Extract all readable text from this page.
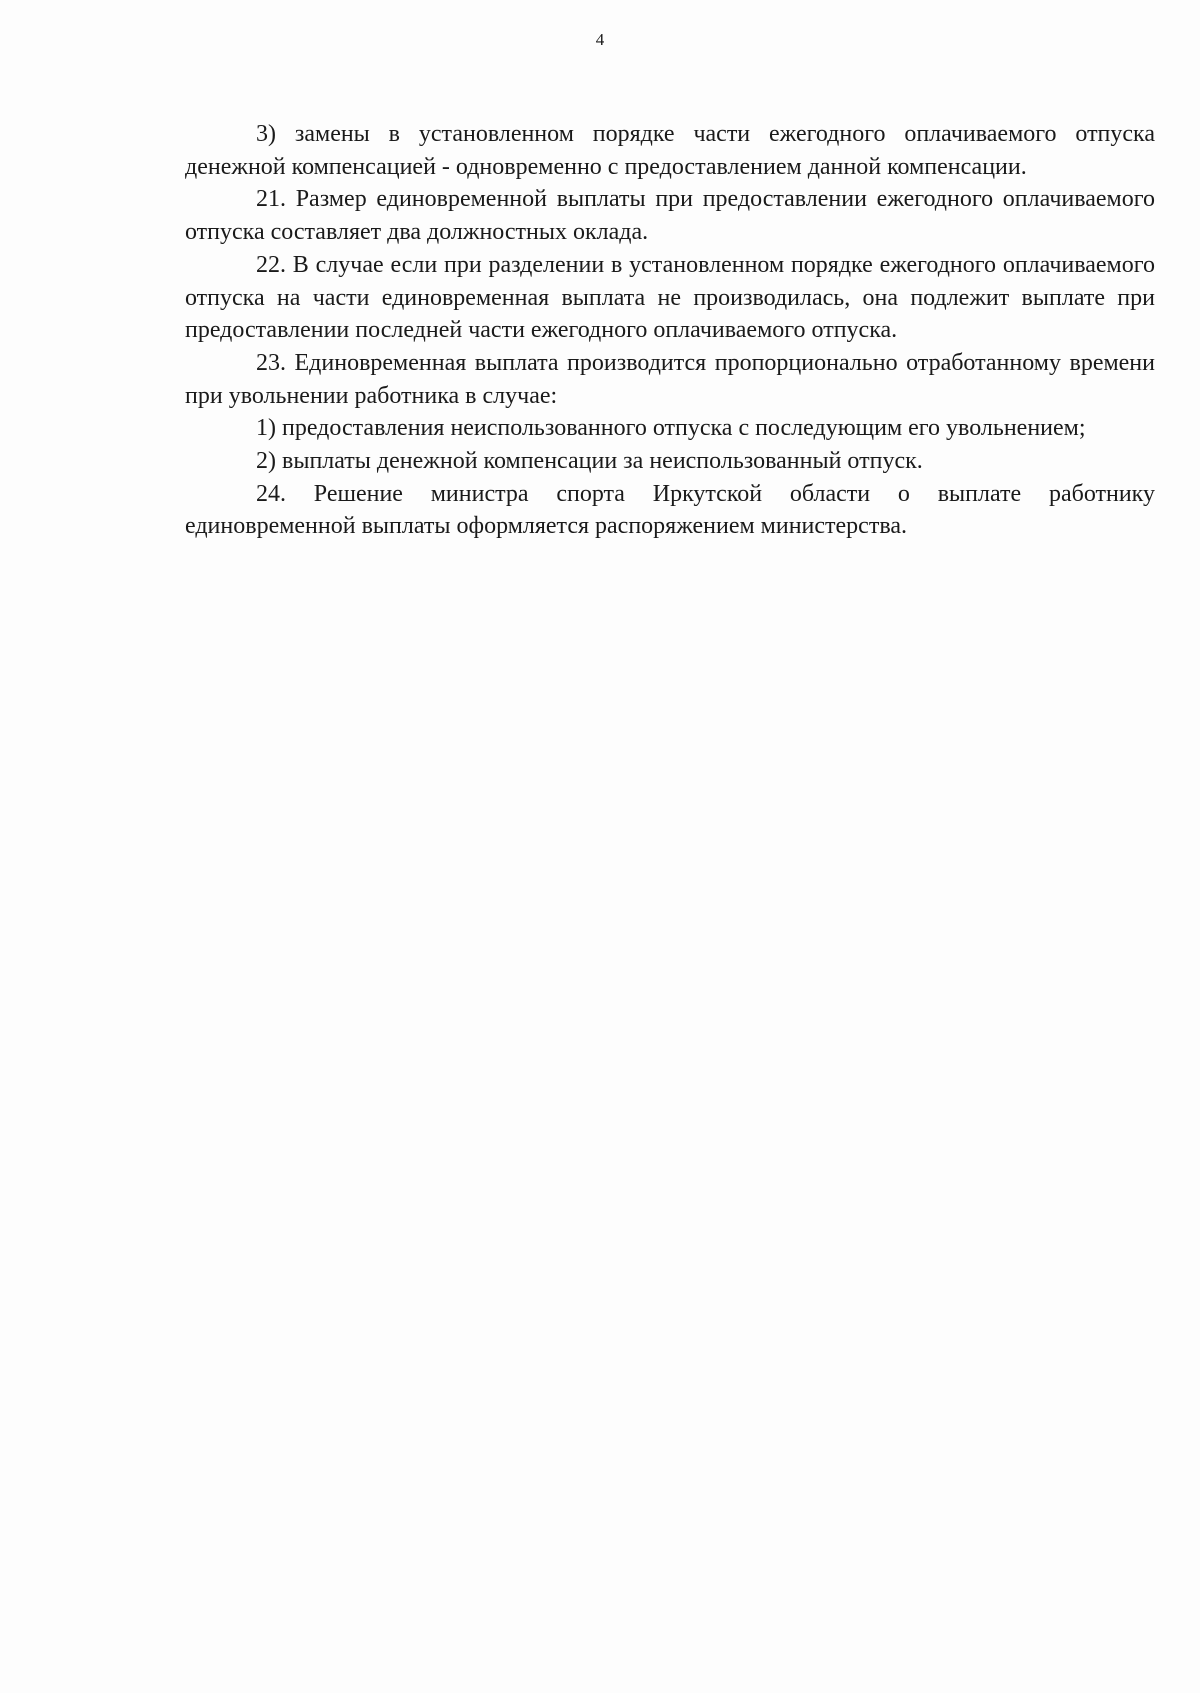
4

3) замены в установленном порядке части ежегодного оплачиваемого отпуска денежной компенсацией - одновременно с предоставлением данной компенсации.

21. Размер единовременной выплаты при предоставлении ежегодного оплачиваемого отпуска составляет два должностных оклада.

22. В случае если при разделении в установленном порядке ежегодного оплачиваемого отпуска на части единовременная выплата не производилась, она подлежит выплате при предоставлении последней части ежегодного оплачиваемого отпуска.

23. Единовременная выплата производится пропорционально отработанному времени при увольнении работника в случае:

1) предоставления неиспользованного отпуска с последующим его увольнением;

2) выплаты денежной компенсации за неиспользованный отпуск.

24. Решение министра спорта Иркутской области о выплате работнику единовременной выплаты оформляется распоряжением министерства.
